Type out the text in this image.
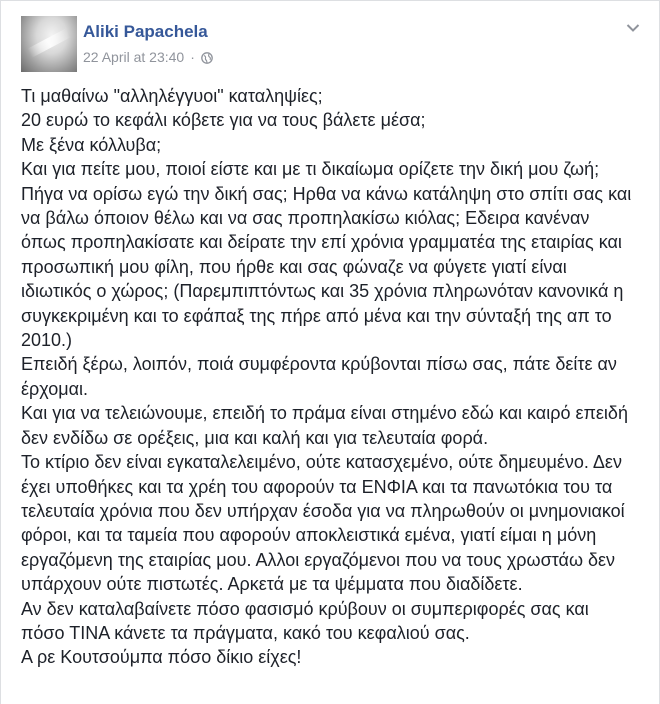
Aliki Papachela
22 April at 23:40 ·

Τι μαθαίνω "αλληλέγγυοι" καταληψίες;

20 ευρώ το κεφάλι κόβετε για να τους βάλετε μέσα;

Με ξένα κόλλυβα;

Και για πείτε μου, ποιοί είστε και με τι δικαίωμα ορίζετε την δική μου ζωή;

Πήγα να ορίσω εγώ την δική σας; Ηρθα να κάνω κατάληψη στο σπίτι σας και

να βάλω όποιον θέλω και να σας προπηλακίσω κιόλας; Εδειρα κανέναν

όπως προπηλακίσατε και δείρατε την επί χρόνια γραμματέα της εταιρίας και

προσωπική μου φίλη, που ήρθε και σας φώναζε να φύγετε γιατί είναι

ιδιωτικός ο χώρος; (Παρεμπιπτόντως και 35 χρόνια πληρωνόταν κανονικά η

συγκεκριμένη και το εφάπαξ της πήρε από μένα και την σύνταξή της απ το

2010.)

Επειδή ξέρω, λοιπόν, ποιά συμφέροντα κρύβονται πίσω σας, πάτε δείτε αν

έρχομαι.

Και για να τελειώνουμε, επειδή το πράμα είναι στημένο εδώ και καιρό επειδή

δεν ενδίδω σε ορέξεις, μια και καλή και για τελευταία φορά.

Το κτίριο δεν είναι εγκαταλελειμένο, ούτε κατασχεμένο, ούτε δημευμένο. Δεν

έχει υποθήκες και τα χρέη του αφορούν τα ΕΝΦΙΑ και τα πανωτόκια του τα

τελευταία χρόνια που δεν υπήρχαν έσοδα για να πληρωθούν οι μνημονιακοί

φόροι, και τα ταμεία που αφορούν αποκλειστικά εμένα, γιατί είμαι η μόνη

εργαζόμενη της εταιρίας μου. Αλλοι εργαζόμενοι που να τους χρωστάω δεν

υπάρχουν ούτε πιστωτές. Αρκετά με τα ψέμματα που διαδίδετε.

Αν δεν καταλαβαίνετε πόσο φασισμό κρύβουν οι συμπεριφορές σας και

πόσο ΤΙΝΑ κάνετε τα πράγματα, κακό του κεφαλιού σας.

Α ρε Κουτσούμπα πόσο δίκιο είχες!
